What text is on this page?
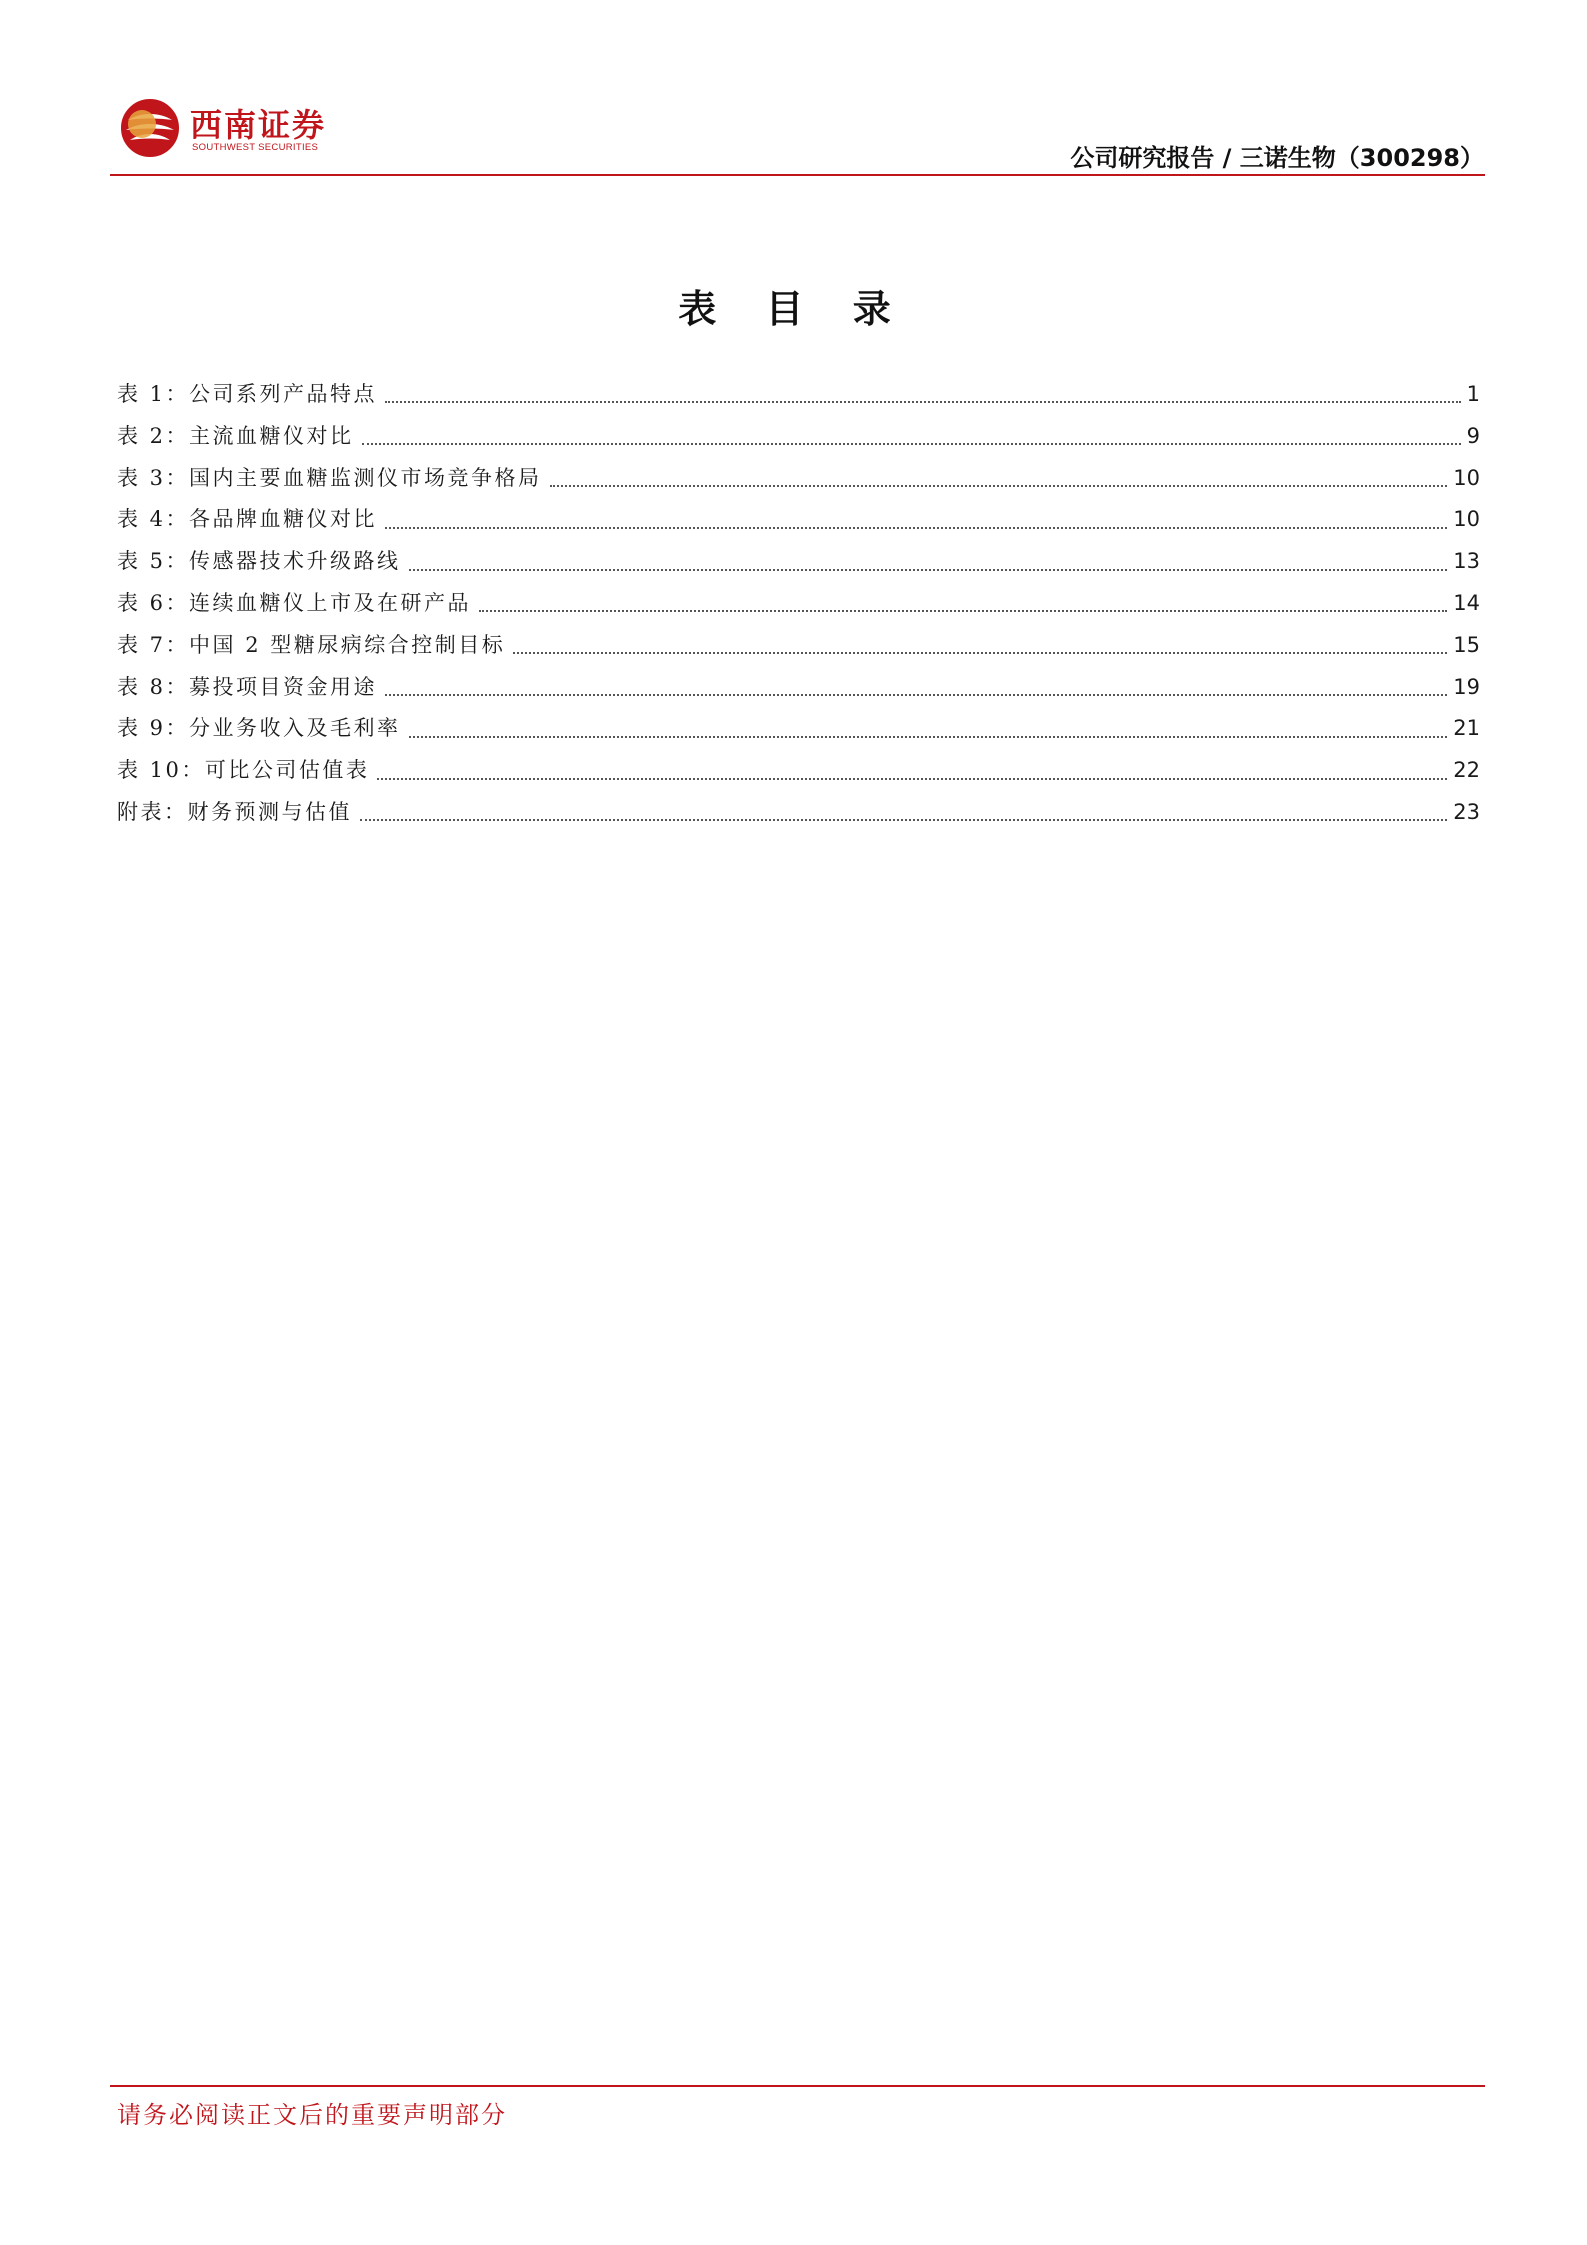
西南证券
SOUTHWEST SECURITIES	公司研究报告 / 三诺生物（300298）
表 目 录
表 1：公司系列产品特点	1
表 2：主流血糖仪对比	9
表 3：国内主要血糖监测仪市场竞争格局	10
表 4：各品牌血糖仪对比	10
表 5：传感器技术升级路线	13
表 6：连续血糖仪上市及在研产品	14
表 7：中国 2 型糖尿病综合控制目标	15
表 8：募投项目资金用途	19
表 9：分业务收入及毛利率	21
表 10：可比公司估值表	22
附表：财务预测与估值	23
请务必阅读正文后的重要声明部分
